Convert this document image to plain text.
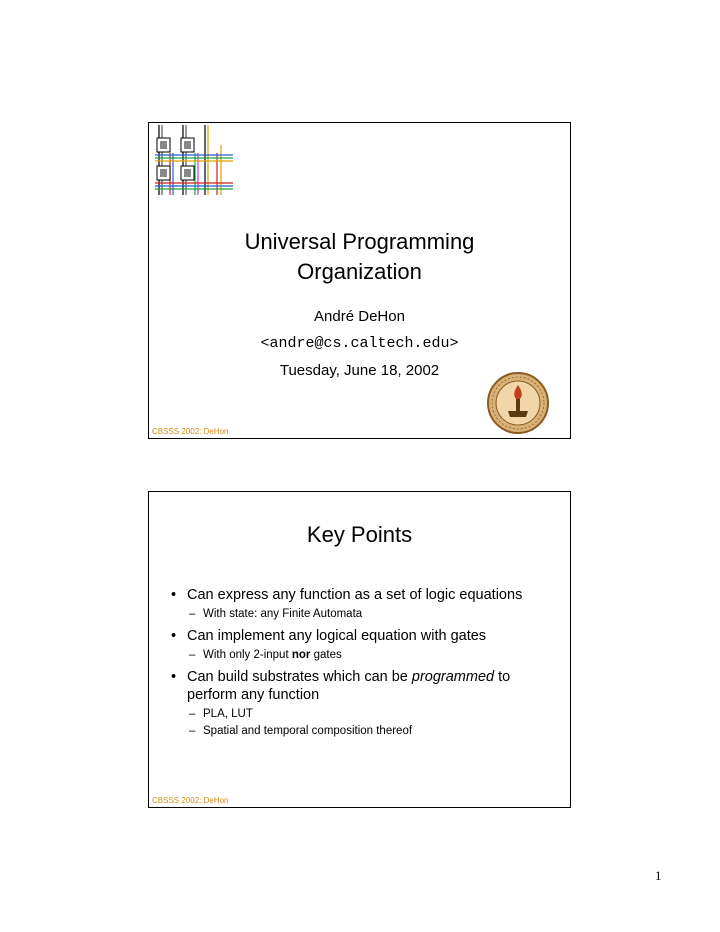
Universal Programming
Organization
André DeHon
<andre@cs.caltech.edu>
Tuesday, June 18, 2002
CBSSS 2002: DeHon
Key Points
• Can express any function as a set of logic equations
– With state: any Finite Automata
• Can implement any logical equation with gates
– With only 2-input nor gates
• Can build substrates which can be programmed to perform any function
– PLA, LUT
– Spatial and temporal composition thereof
CBSSS 2002: DeHon
1
